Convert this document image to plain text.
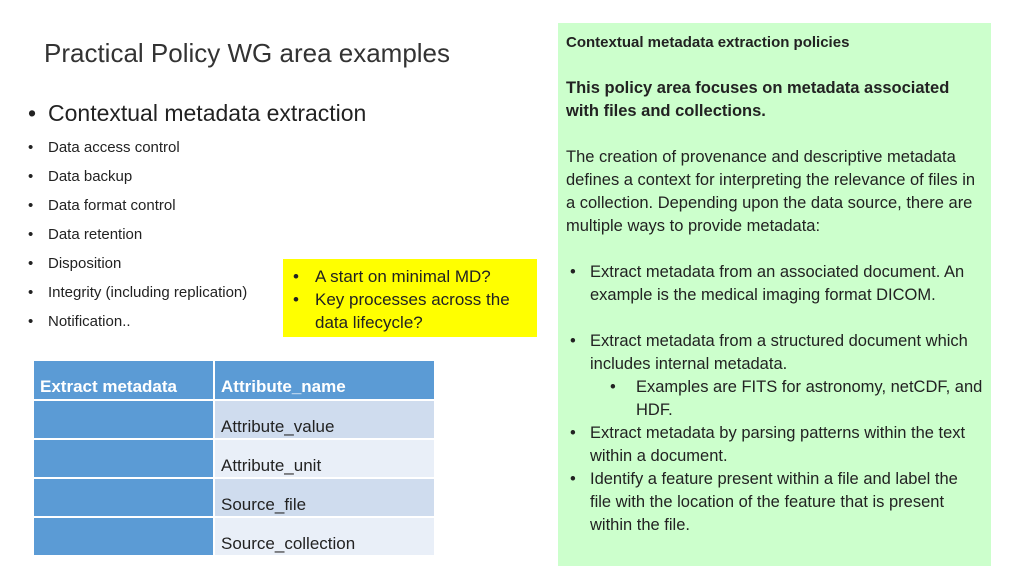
Practical Policy WG area examples
• Contextual metadata extraction
• Data access control
• Data backup
• Data format control
• Data retention
• Disposition
• Integrity (including replication)
• Notification..
• A start on minimal MD?
• Key processes across the data lifecycle?
Extract metadata	Attribute_name
	Attribute_value
	Attribute_unit
	Source_file
	Source_collection

Contextual metadata extraction policies

This policy area focuses on metadata associated with files and collections.

The creation of provenance and descriptive metadata defines a context for interpreting the relevance of files in a collection. Depending upon the data source, there are multiple ways to provide metadata:

• Extract metadata from an associated document. An example is the medical imaging format DICOM.
• Extract metadata from a structured document which includes internal metadata.
• Examples are FITS for astronomy, netCDF, and HDF.
• Extract metadata by parsing patterns within the text within a document.
• Identify a feature present within a file and label the file with the location of the feature that is present within the file.
